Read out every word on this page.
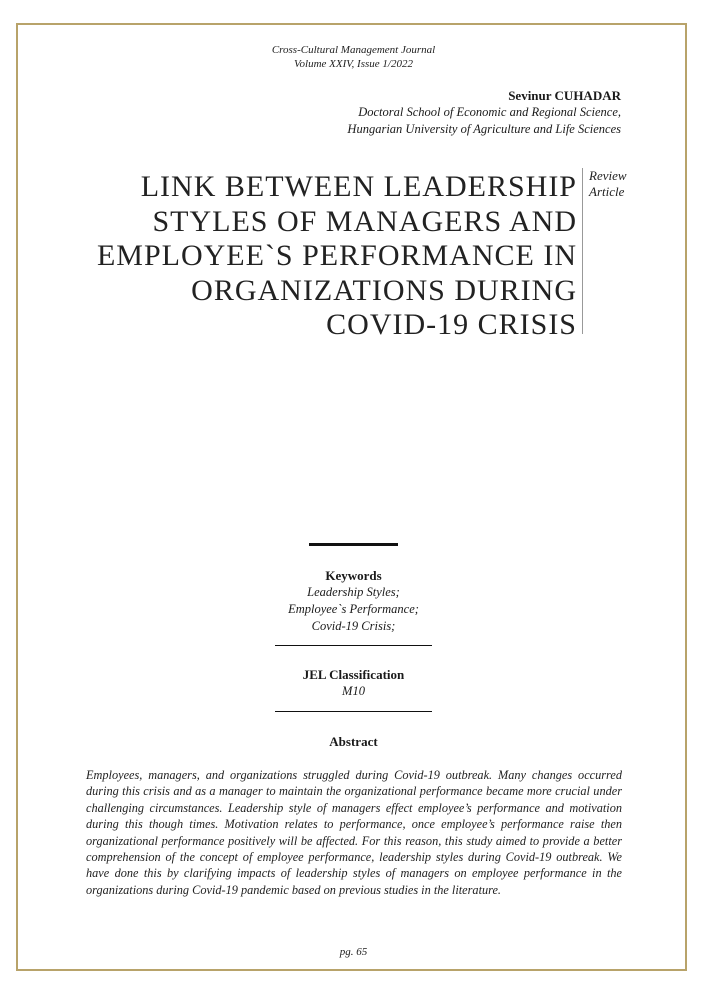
Cross-Cultural Management Journal
Volume XXIV, Issue 1/2022
Sevinur CUHADAR
Doctoral School of Economic and Regional Science,
Hungarian University of Agriculture and Life Sciences
LINK BETWEEN LEADERSHIP
STYLES OF MANAGERS AND
EMPLOYEE`S PERFORMANCE IN
ORGANIZATIONS DURING
COVID-19 CRISIS
Review
Article
Keywords
Leadership Styles;
Employee`s Performance;
Covid-19 Crisis;
JEL Classification
M10
Abstract

Employees, managers, and organizations struggled during Covid-19 outbreak. Many changes occurred during this crisis and as a manager to maintain the organizational performance became more crucial under challenging circumstances. Leadership style of managers effect employee’s performance and motivation during this though times. Motivation relates to performance, once employee’s performance raise then organizational performance positively will be affected. For this reason, this study aimed to provide a better comprehension of the concept of employee performance, leadership styles during Covid-19 outbreak. We have done this by clarifying impacts of leadership styles of managers on employee performance in the organizations during Covid-19 pandemic based on previous studies in the literature.

pg. 65
